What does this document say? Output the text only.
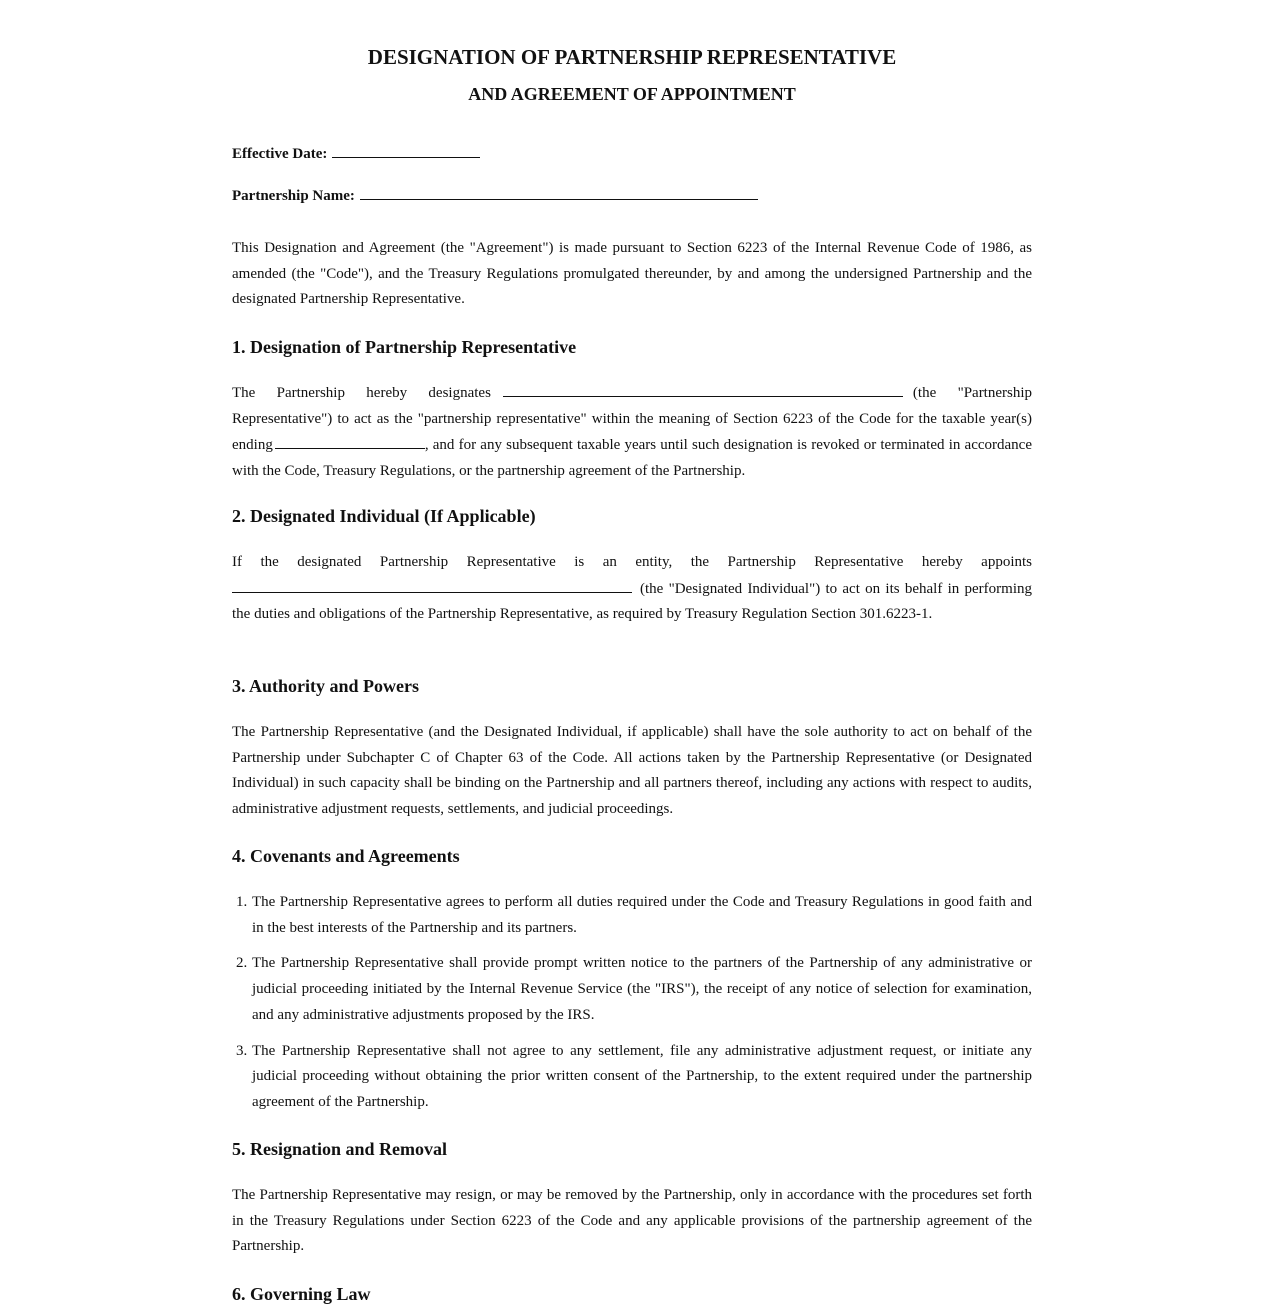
DESIGNATION OF PARTNERSHIP REPRESENTATIVE
AND AGREEMENT OF APPOINTMENT
Effective Date:
Partnership Name:

This Designation and Agreement (the "Agreement") is made pursuant to Section 6223 of the Internal Revenue Code of 1986, as amended (the "Code"), and the Treasury Regulations promulgated thereunder, by and among the undersigned Partnership and the designated Partnership Representative.

1. Designation of Partnership Representative

The Partnership hereby designates	(the "Partnership Representative") to act as the "partnership representative" within the meaning of Section 6223 of the Code for the taxable year(s) ending	, and for any subsequent taxable years until such designation is revoked or terminated in accordance with the Code, Treasury Regulations, or the partnership agreement of the Partnership.

2. Designated Individual (If Applicable)

If the designated Partnership Representative is an entity, the Partnership Representative hereby appoints (the "Designated Individual") to act on its behalf in performing the duties and obligations of the Partnership Representative, as required by Treasury Regulation Section 301.6223-1.

3. Authority and Powers

The Partnership Representative (and the Designated Individual, if applicable) shall have the sole authority to act on behalf of the Partnership under Subchapter C of Chapter 63 of the Code. All actions taken by the Partnership Representative (or Designated Individual) in such capacity shall be binding on the Partnership and all partners thereof, including any actions with respect to audits, administrative adjustment requests, settlements, and judicial proceedings.

4. Covenants and Agreements
1. The Partnership Representative agrees to perform all duties required under the Code and Treasury Regulations in good faith and in the best interests of the Partnership and its partners.
2. The Partnership Representative shall provide prompt written notice to the partners of the Partnership of any administrative or judicial proceeding initiated by the Internal Revenue Service (the "IRS"), the receipt of any notice of selection for examination, and any administrative adjustments proposed by the IRS.
3. The Partnership Representative shall not agree to any settlement, file any administrative adjustment request, or initiate any judicial proceeding without obtaining the prior written consent of the Partnership, to the extent required under the partnership agreement of the Partnership.
5. Resignation and Removal

The Partnership Representative may resign, or may be removed by the Partnership, only in accordance with the procedures set forth in the Treasury Regulations under Section 6223 of the Code and any applicable provisions of the partnership agreement of the Partnership.

6. Governing Law
